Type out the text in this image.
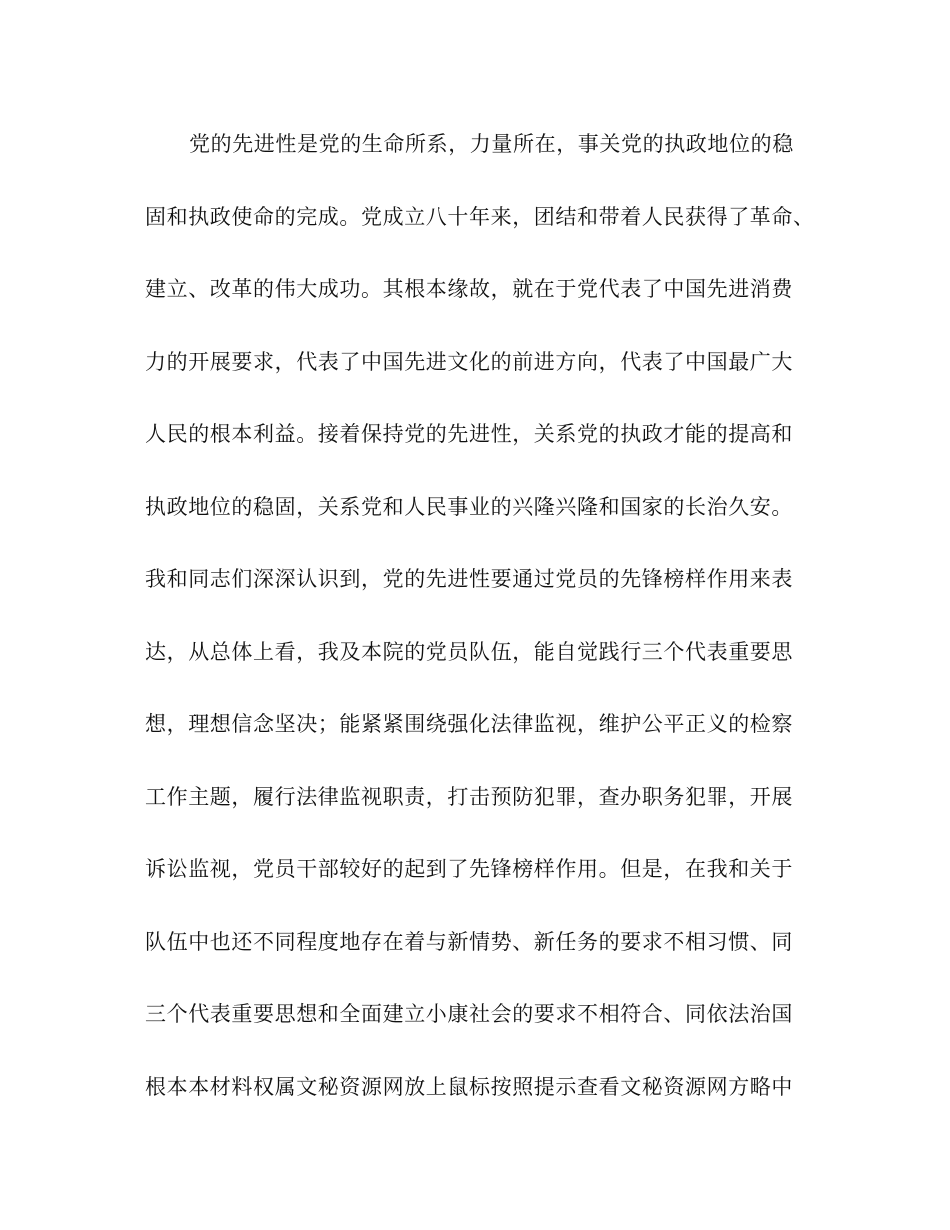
党的先进性是党的生命所系，力量所在，事关党的执政地位的稳
固和执政使命的完成。党成立八十年来，团结和带着人民获得了革命、
建立、改革的伟大成功。其根本缘故，就在于党代表了中国先进消费
力的开展要求，代表了中国先进文化的前进方向，代表了中国最广大
人民的根本利益。接着保持党的先进性，关系党的执政才能的提高和
执政地位的稳固，关系党和人民事业的兴隆兴隆和国家的长治久安。
我和同志们深深认识到，党的先进性要通过党员的先锋榜样作用来表
达，从总体上看，我及本院的党员队伍，能自觉践行三个代表重要思
想，理想信念坚决；能紧紧围绕强化法律监视，维护公平正义的检察
工作主题，履行法律监视职责，打击预防犯罪，查办职务犯罪，开展
诉讼监视，党员干部较好的起到了先锋榜样作用。但是，在我和关于
队伍中也还不同程度地存在着与新情势、新任务的要求不相习惯、同
三个代表重要思想和全面建立小康社会的要求不相符合、同依法治国
根本本材料权属文秘资源网放上鼠标按照提示查看文秘资源网方略中
